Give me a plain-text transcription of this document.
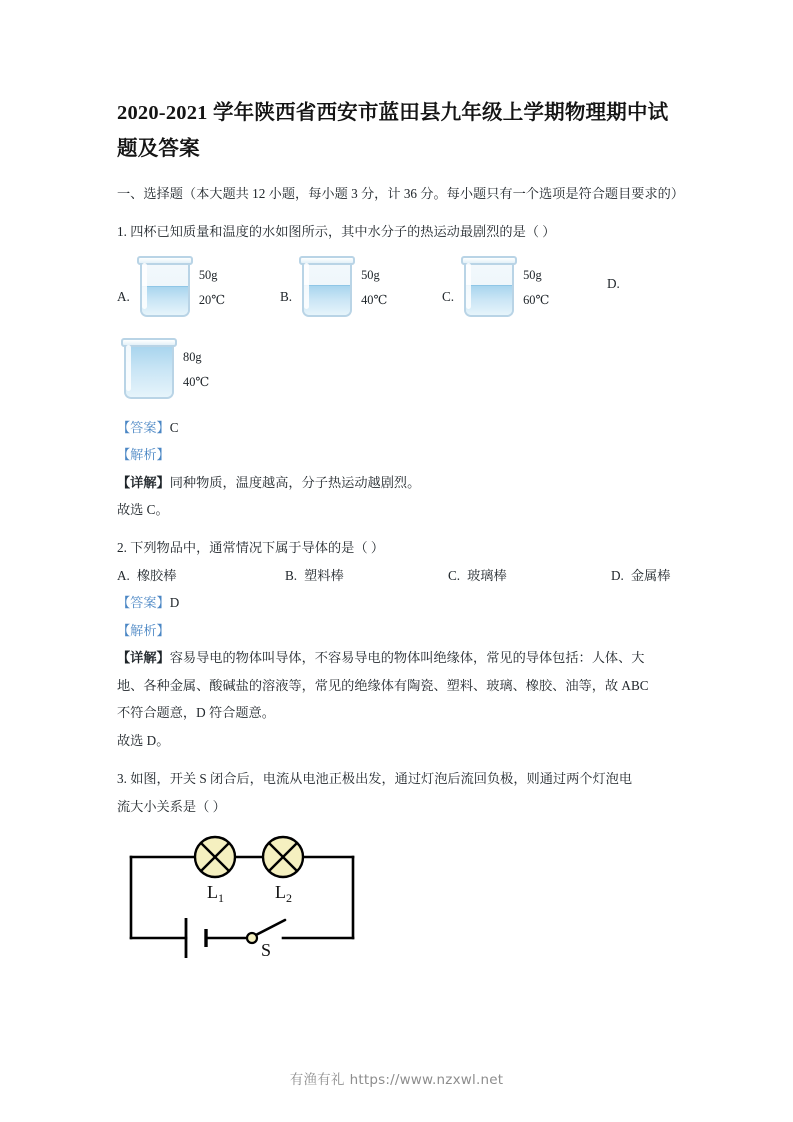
2020-2021 学年陕西省西安市蓝田县九年级上学期物理期中试题及答案

一、选择题（本大题共 12 小题，每小题 3 分，计 36 分。每小题只有一个选项是符合题目要求的）

1. 四杯已知质量和温度的水如图所示，其中水分子的热运动最剧烈的是（ ）

A.
50g
20℃	B.
50g
40℃	C.
50g
60℃
D.
80g
40℃

【答案】C

【解析】

【详解】同种物质，温度越高，分子热运动越剧烈。

故选 C。

2. 下列物品中，通常情况下属于导体的是（ ）

A. 橡胶棒	B. 塑料棒	C. 玻璃棒	D. 金属棒

【答案】D

【解析】

【详解】容易导电的物体叫导体，不容易导电的物体叫绝缘体，常见的导体包括：人体、大

地、各种金属、酸碱盐的溶液等，常见的绝缘体有陶瓷、塑料、玻璃、橡胶、油等，故 ABC

不符合题意，D 符合题意。

故选 D。

3. 如图，开关 S 闭合后，电流从电池正极出发，通过灯泡后流回负极，则通过两个灯泡电

流大小关系是（ ）

$L_1$	$L_2$
S
有渔有礼 https://www.nzxwl.net
